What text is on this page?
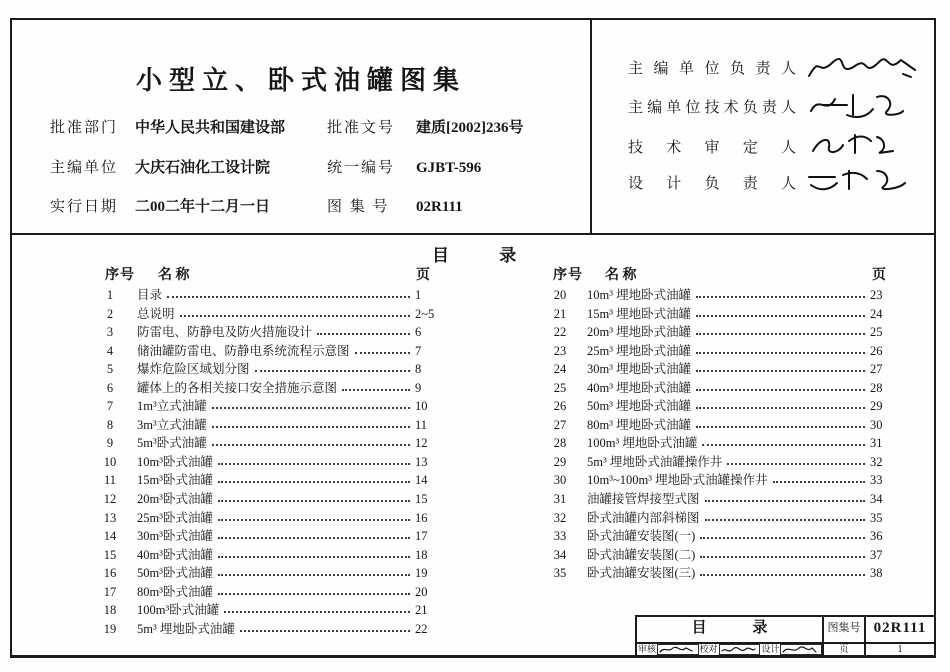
小型立、卧式油罐图集
批准部门 中华人民共和国建设部	批准文号 建质[2002]236号
主编单位 大庆石油化工设计院	统一编号 GJBT-596
实行日期 二00二年十二月一日	图 集 号 02R111
主 编 单 位 负 责 人
主编单位技术负责人
技 术 审 定 人
设 计 负 责 人
目 录
序号 名 称	页	序号 名 称	页
1	目录	1
2	总说明	2~5
3	防雷电、防静电及防火措施设计	6
4	储油罐防雷电、防静电系统流程示意图	7
5	爆炸危险区域划分图	8
6	罐体上的各相关接口安全措施示意图	9
7	1m³立式油罐	10
8	3m³立式油罐	11
9	5m³卧式油罐	12
10	10m³卧式油罐	13
11	15m³卧式油罐	14
12	20m³卧式油罐	15
13	25m³卧式油罐	16
14	30m³卧式油罐	17
15	40m³卧式油罐	18
16	50m³卧式油罐	19
17	80m³卧式油罐	20
18	100m³卧式油罐	21
19	5m³ 埋地卧式油罐	22
20	10m³ 埋地卧式油罐	23
21	15m³ 埋地卧式油罐	24
22	20m³ 埋地卧式油罐	25
23	25m³ 埋地卧式油罐	26
24	30m³ 埋地卧式油罐	27
25	40m³ 埋地卧式油罐	28
26	50m³ 埋地卧式油罐	29
27	80m³ 埋地卧式油罐	30
28	100m³ 埋地卧式油罐	31
29	5m³ 埋地卧式油罐操作井	32
30	10m³~100m³ 埋地卧式油罐操作井	33
31	油罐接管焊接型式图	34
32	卧式油罐内部斜梯图	35
33	卧式油罐安装图(一)	36
34	卧式油罐安装图(二)	37
35	卧式油罐安装图(三)	38
目 录	图集号 02R111
审核	校对	设计	页	1
